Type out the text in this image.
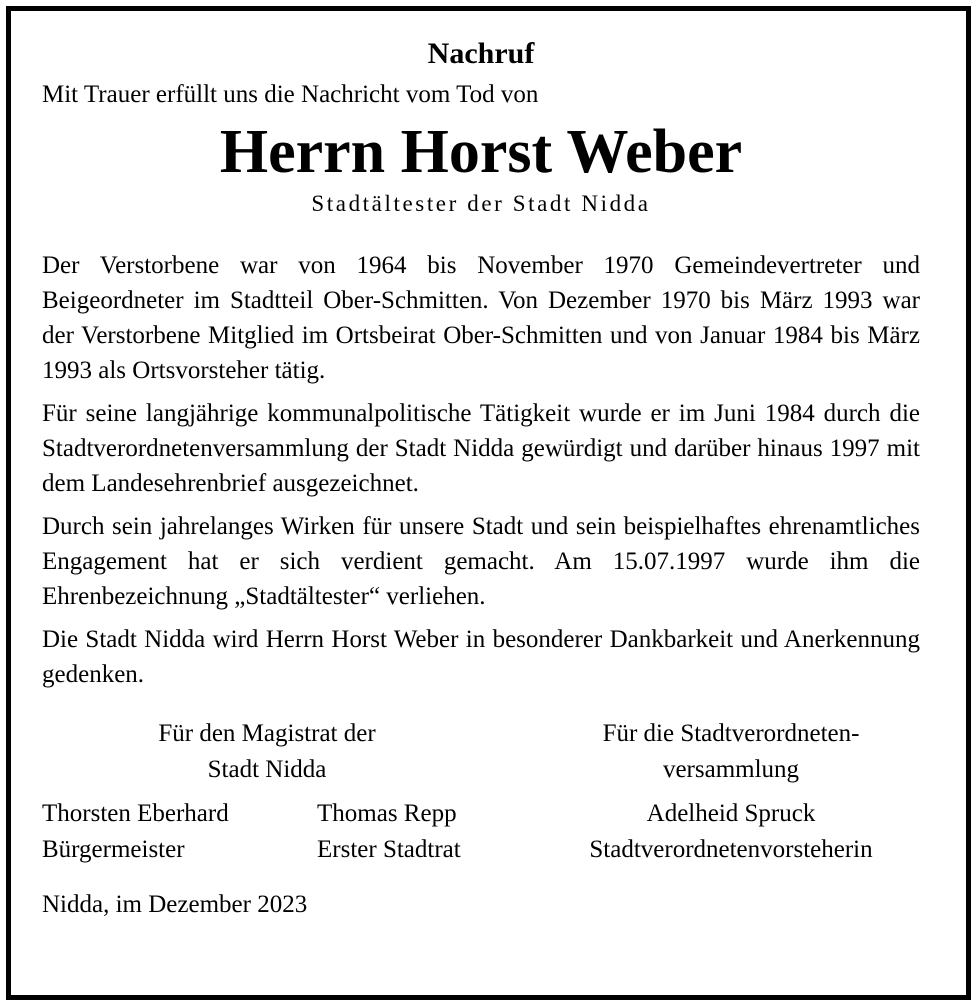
Nachruf

Mit Trauer erfüllt uns die Nachricht vom Tod von

Herrn Horst Weber

Stadtältester der Stadt Nidda

Der Verstorbene war von 1964 bis November 1970 Gemeindevertreter und Beigeordneter im Stadtteil Ober-Schmitten. Von Dezember 1970 bis März 1993 war der Verstorbene Mitglied im Ortsbeirat Ober-Schmitten und von Januar 1984 bis März 1993 als Ortsvorsteher tätig.

Für seine langjährige kommunalpolitische Tätigkeit wurde er im Juni 1984 durch die Stadtverordnetenversammlung der Stadt Nidda gewürdigt und darüber hinaus 1997 mit dem Landesehrenbrief ausgezeichnet.

Durch sein jahrelanges Wirken für unsere Stadt und sein beispielhaftes ehrenamtliches Engagement hat er sich verdient gemacht. Am 15.07.1997 wurde ihm die Ehrenbezeichnung „Stadtältester“ verliehen.

Die Stadt Nidda wird Herrn Horst Weber in besonderer Dankbarkeit und Anerkennung gedenken.

Für den Magistrat der
Stadt Nidda
Für die Stadtverordneten-
versammlung
Thorsten Eberhard
Bürgermeister
Thomas Repp
Erster Stadtrat
Adelheid Spruck
Stadtverordnetenvorsteherin

Nidda, im Dezember 2023
